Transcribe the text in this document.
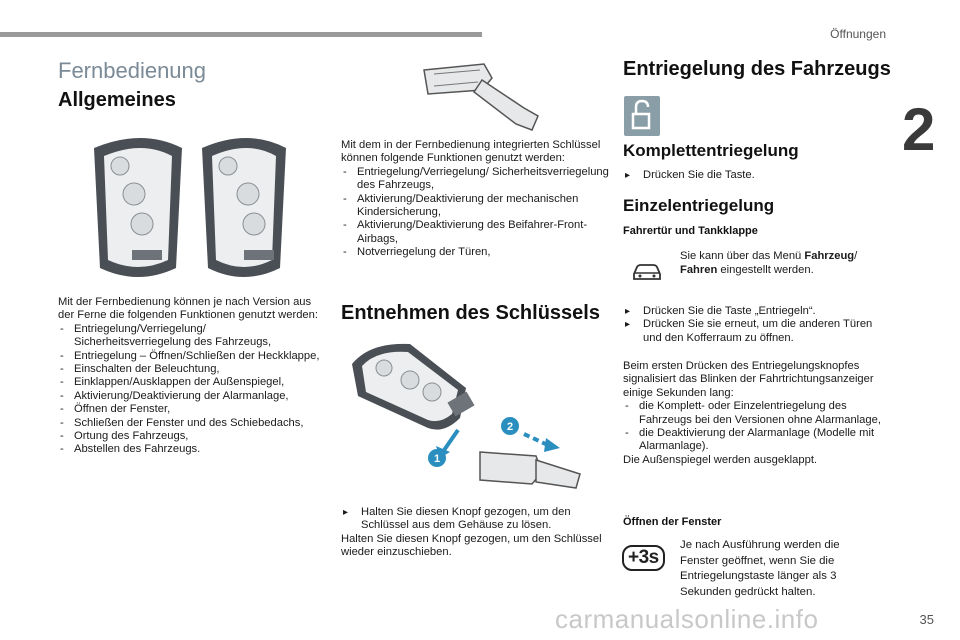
Öffnungen
2
Fernbedienung
Allgemeines
Mit der Fernbedienung können je nach Version aus der Ferne die folgenden Funktionen genutzt werden:
- Entriegelung/Verriegelung/ Sicherheitsverriegelung des Fahrzeugs,
- Entriegelung – Öffnen/Schließen der Heckklappe,
- Einschalten der Beleuchtung,
- Einklappen/Ausklappen der Außenspiegel,
- Aktivierung/Deaktivierung der Alarmanlage,
- Öffnen der Fenster,
- Schließen der Fenster und des Schiebedachs,
- Ortung des Fahrzeugs,
- Abstellen des Fahrzeugs.
Mit dem in der Fernbedienung integrierten Schlüssel können folgende Funktionen genutzt werden:
- Entriegelung/Verriegelung/ Sicherheitsverriegelung des Fahrzeugs,
- Aktivierung/Deaktivierung der mechanischen Kindersicherung,
- Aktivierung/Deaktivierung des Beifahrer-Front-Airbags,
- Notverriegelung der Türen,
Entnehmen des Schlüssels
1
2
▸ Halten Sie diesen Knopf gezogen, um den Schlüssel aus dem Gehäuse zu lösen.
Halten Sie diesen Knopf gezogen, um den Schlüssel wieder einzuschieben.
Entriegelung des Fahrzeugs
Komplettentriegelung
▸ Drücken Sie die Taste.
Einzelentriegelung
Fahrertür und Tankklappe
Sie kann über das Menü Fahrzeug/
Fahren eingestellt werden.
▸ Drücken Sie die Taste „Entriegeln“.
▸ Drücken Sie sie erneut, um die anderen Türen und den Kofferraum zu öffnen.
Beim ersten Drücken des Entriegelungsknopfes signalisiert das Blinken der Fahrtrichtungsanzeiger einige Sekunden lang:
- die Komplett- oder Einzelentriegelung des Fahrzeugs bei den Versionen ohne Alarmanlage,
- die Deaktivierung der Alarmanlage (Modelle mit Alarmanlage).
Die Außenspiegel werden ausgeklappt.
Öffnen der Fenster
+3s
Je nach Ausführung werden die Fenster geöffnet, wenn Sie die Entriegelungstaste länger als 3 Sekunden gedrückt halten.
carmanualsonline.info	35
